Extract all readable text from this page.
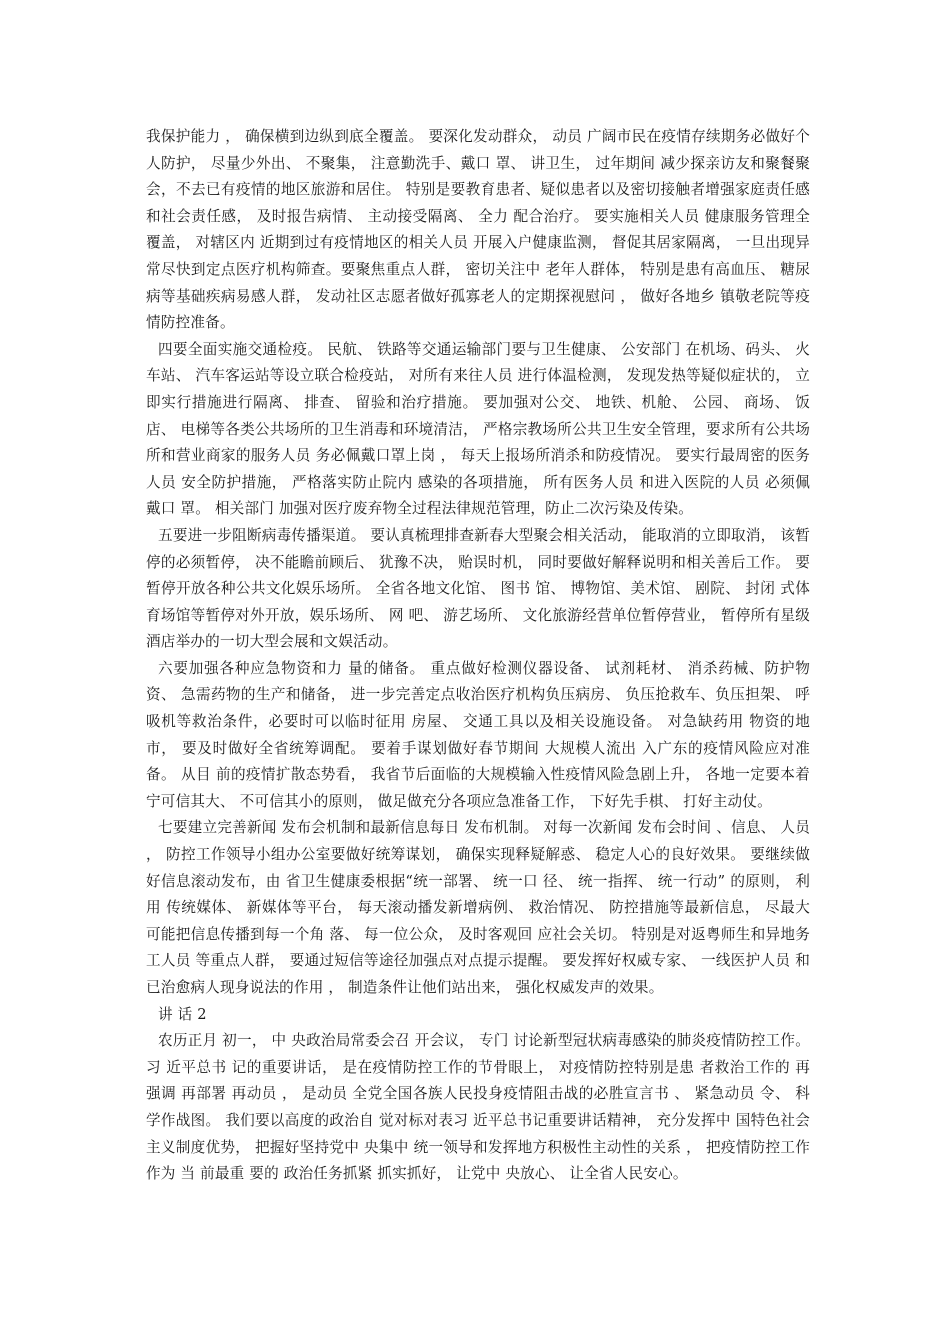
我保护能力 ， 确保横到边纵到底全覆盖。 要深化发动群众， 动员 广阔市民在疫情存续期务必做好个人防护， 尽量少外出、 不聚集， 注意勤洗手、戴口 罩、 讲卫生， 过年期间 减少探亲访友和聚餐聚会，不去已有疫情的地区旅游和居住。 特别是要教育患者、疑似患者以及密切接触者增强家庭责任感和社会责任感， 及时报告病情、 主动接受隔离、 全力 配合治疗。 要实施相关人员 健康服务管理全覆盖， 对辖区内 近期到过有疫情地区的相关人员 开展入户健康监测， 督促其居家隔离， 一旦出现异常尽快到定点医疗机构筛查。要聚焦重点人群， 密切关注中 老年人群体， 特别是患有高血压、 糖尿病等基础疾病易感人群， 发动社区志愿者做好孤寡老人的定期探视慰问 ， 做好各地乡 镇敬老院等疫情防控准备。

四要全面实施交通检疫。 民航、 铁路等交通运输部门要与卫生健康、 公安部门 在机场、码头、 火车站、 汽车客运站等设立联合检疫站， 对所有来往人员 进行体温检测， 发现发热等疑似症状的， 立即实行措施进行隔离、 排查、 留验和治疗措施。 要加强对公交、 地铁、机舱、 公园、 商场、 饭店、 电梯等各类公共场所的卫生消毒和环境清洁， 严格宗教场所公共卫生安全管理，要求所有公共场所和营业商家的服务人员 务必佩戴口罩上岗 ， 每天上报场所消杀和防疫情况。 要实行最周密的医务人员 安全防护措施， 严格落实防止院内 感染的各项措施， 所有医务人员 和进入医院的人员 必须佩戴口 罩。 相关部门 加强对医疗废弃物全过程法律规范管理，防止二次污染及传染。

五要进一步阻断病毒传播渠道。 要认真梳理排查新春大型聚会相关活动， 能取消的立即取消， 该暂停的必须暂停， 决不能瞻前顾后、 犹豫不决， 贻误时机， 同时要做好解释说明和相关善后工作。 要暂停开放各种公共文化娱乐场所。 全省各地文化馆、 图书 馆、 博物馆、美术馆、 剧院、 封闭 式体育场馆等暂停对外开放，娱乐场所、 网 吧、 游艺场所、 文化旅游经营单位暂停营业， 暂停所有星级酒店举办的一切大型会展和文娱活动。

六要加强各种应急物资和力 量的储备。 重点做好检测仪器设备、 试剂耗材、 消杀药械、防护物资、 急需药物的生产和储备， 进一步完善定点收治医疗机构负压病房、 负压抢救车、负压担架、 呼吸机等救治条件，必要时可以临时征用 房屋、 交通工具以及相关设施设备。 对急缺药用 物资的地市， 要及时做好全省统筹调配。 要着手谋划做好春节期间 大规模人流出 入广东的疫情风险应对准备。 从目 前的疫情扩散态势看， 我省节后面临的大规模输入性疫情风险急剧上升， 各地一定要本着宁可信其大、 不可信其小的原则， 做足做充分各项应急准备工作， 下好先手棋、 打好主动仗。

七要建立完善新闻 发布会机制和最新信息每日 发布机制。 对每一次新闻 发布会时间 、信息、 人员 ， 防控工作领导小组办公室要做好统筹谋划， 确保实现释疑解惑、 稳定人心的良好效果。 要继续做好信息滚动发布，由 省卫生健康委根据“统一部署、 统一口 径、 统一指挥、 统一行动” 的原则， 利用 传统媒体、 新媒体等平台， 每天滚动播发新增病例、 救治情况、 防控措施等最新信息， 尽最大可能把信息传播到每一个角 落、 每一位公众， 及时客观回 应社会关切。 特别是对返粤师生和异地务工人员 等重点人群， 要通过短信等途径加强点对点提示提醒。 要发挥好权威专家、 一线医护人员 和已治愈病人现身说法的作用 ， 制造条件让他们站出来， 强化权威发声的效果。

讲 话 2

农历正月 初一， 中 央政治局常委会召 开会议， 专门 讨论新型冠状病毒感染的肺炎疫情防控工作。 习 近平总书 记的重要讲话， 是在疫情防控工作的节骨眼上， 对疫情防控特别是患 者救治工作的 再强调 再部署 再动员 ， 是动员 全党全国各族人民投身疫情阻击战的必胜宣言书 、 紧急动员 令、 科学作战图。 我们要以高度的政治自 觉对标对表习 近平总书记重要讲话精神， 充分发挥中 国特色社会主义制度优势， 把握好坚持党中 央集中 统一领导和发挥地方积极性主动性的关系 ， 把疫情防控工作作为 当 前最重 要的 政治任务抓紧 抓实抓好， 让党中 央放心、 让全省人民安心。
